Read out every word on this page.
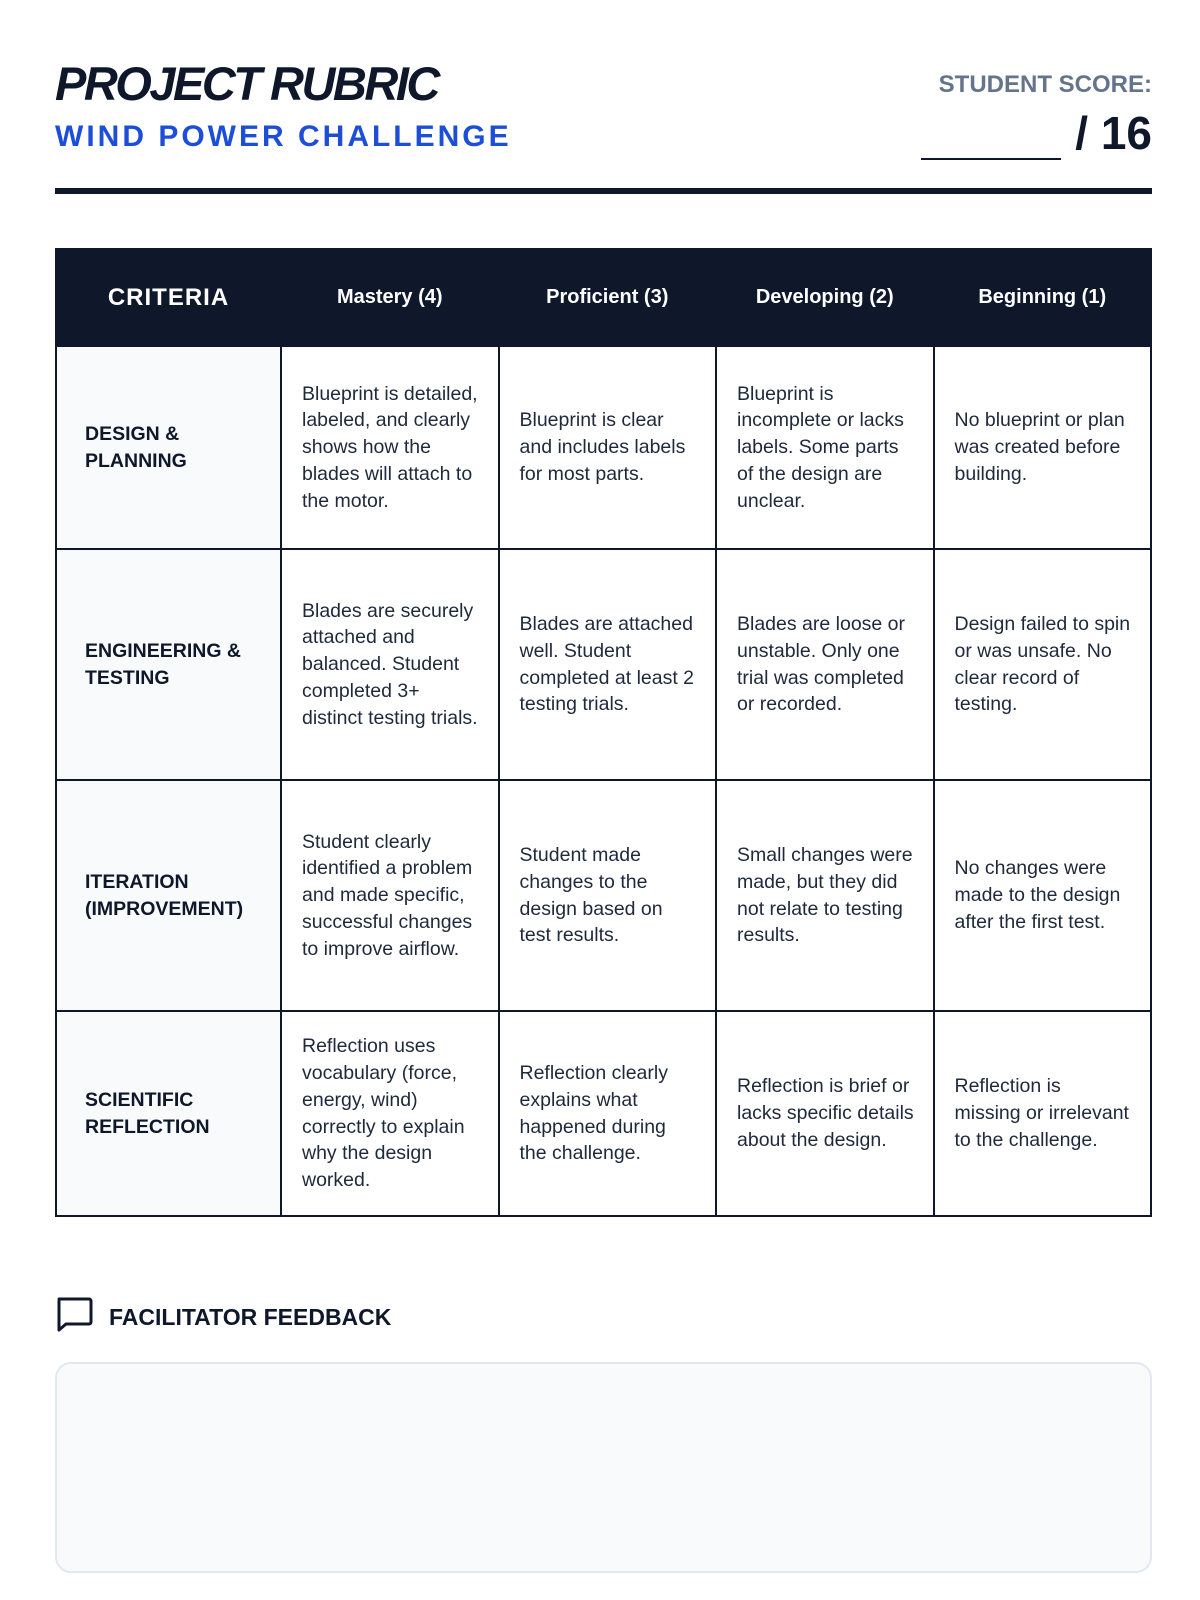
PROJECT RUBRIC
WIND POWER CHALLENGE
STUDENT SCORE:
/ 16
CRITERIA	Mastery (4)	Proficient (3)	Developing (2)	Beginning (1)
DESIGN & PLANNING	Blueprint is detailed, labeled, and clearly shows how the blades will attach to the motor.	Blueprint is clear and includes labels for most parts.	Blueprint is incomplete or lacks labels. Some parts of the design are unclear.	No blueprint or plan was created before building.
ENGINEERING & TESTING	Blades are securely attached and balanced. Student completed 3+ distinct testing trials.	Blades are attached well. Student completed at least 2 testing trials.	Blades are loose or unstable. Only one trial was completed or recorded.	Design failed to spin or was unsafe. No clear record of testing.
ITERATION (IMPROVEMENT)	Student clearly identified a problem and made specific, successful changes to improve airflow.	Student made changes to the design based on test results.	Small changes were made, but they did not relate to testing results.	No changes were made to the design after the first test.
SCIENTIFIC REFLECTION	Reflection uses vocabulary (force, energy, wind) correctly to explain why the design worked.	Reflection clearly explains what happened during the challenge.	Reflection is brief or lacks specific details about the design.	Reflection is missing or irrelevant to the challenge.
FACILITATOR FEEDBACK
